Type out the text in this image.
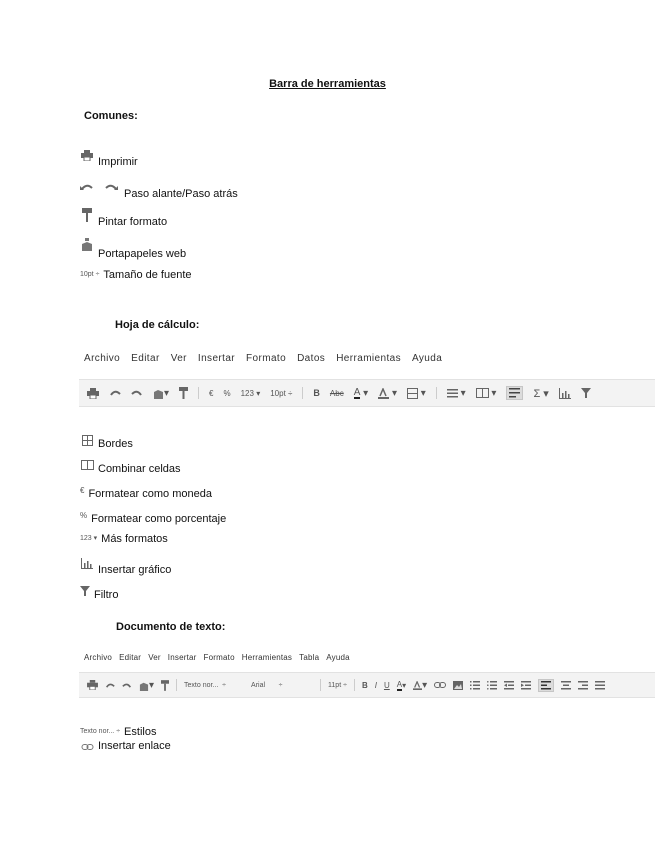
Barra de herramientas
Comunes:
Imprimir
Paso alante/Paso atrás
Pintar formato
Portapapeles web
10pt ÷ Tamaño de fuente
Hoja de cálculo:
Archivo Editar Ver Insertar Formato Datos Herramientas Ayuda
▾	€ % 123 ▾ 10pt ÷ B Abc A ▾	▾	▾	▾	▾	Σ ▾
Bordes
Combinar celdas
€ Formatear como moneda
% Formatear como porcentaje
123 ▾ Más formatos
Insertar gráfico
Filtro
Documento de texto:
Archivo Editar Ver Insertar Formato Herramientas Tabla Ayuda
▾	Texto nor... ÷	Arial ÷	11pt ÷ B I U A ▾	▾
Texto nor... ÷ Estilos
Insertar enlace
